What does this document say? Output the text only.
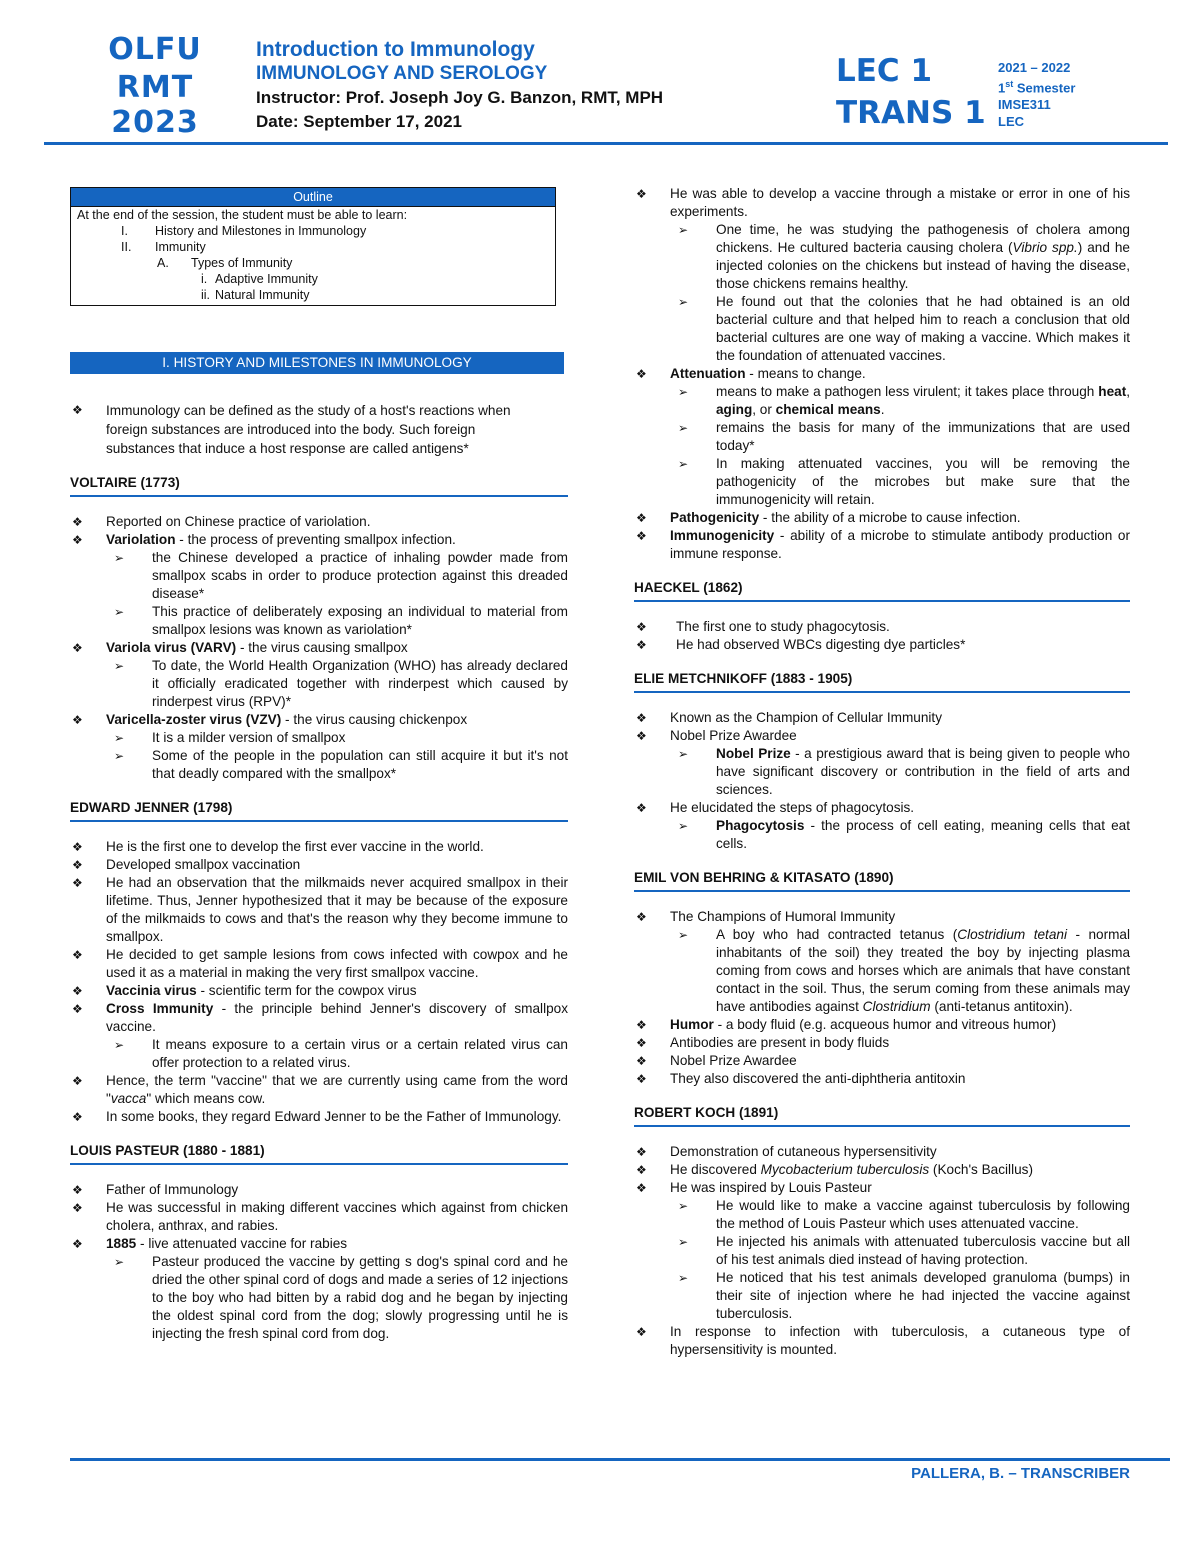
OLFU
RMT 2023
Introduction to Immunology
IMMUNOLOGY AND SEROLOGY
Instructor: Prof. Joseph Joy G. Banzon, RMT, MPH
Date: September 17, 2021
LEC 1
TRANS 1
2021 – 2022
1st Semester
IMSE311
LEC
Outline
At the end of the session, the student must be able to learn:
I. History and Milestones in Immunology
II. Immunity
A. Types of Immunity
i. Adaptive Immunity
ii. Natural Immunity
I. HISTORY AND MILESTONES IN IMMUNOLOGY

❖ Immunology can be defined as the study of a host's reactions when foreign substances are introduced into the body. Such foreign substances that induce a host response are called antigens*

VOLTAIRE (1773)

❖ Reported on Chinese practice of variolation.

❖ Variolation - the process of preventing smallpox infection.

➢ the Chinese developed a practice of inhaling powder made from smallpox scabs in order to produce protection against this dreaded disease*

➢ This practice of deliberately exposing an individual to material from smallpox lesions was known as variolation*

❖ Variola virus (VARV) - the virus causing smallpox

➢ To date, the World Health Organization (WHO) has already declared it officially eradicated together with rinderpest which caused by rinderpest virus (RPV)*

❖ Varicella-zoster virus (VZV) - the virus causing chickenpox

➢ It is a milder version of smallpox

➢ Some of the people in the population can still acquire it but it's not that deadly compared with the smallpox*

EDWARD JENNER (1798)

❖ He is the first one to develop the first ever vaccine in the world.

❖ Developed smallpox vaccination

❖ He had an observation that the milkmaids never acquired smallpox in their lifetime. Thus, Jenner hypothesized that it may be because of the exposure of the milkmaids to cows and that's the reason why they become immune to smallpox.

❖ He decided to get sample lesions from cows infected with cowpox and he used it as a material in making the very first smallpox vaccine.

❖ Vaccinia virus - scientific term for the cowpox virus

❖ Cross Immunity - the principle behind Jenner's discovery of smallpox vaccine.

➢ It means exposure to a certain virus or a certain related virus can offer protection to a related virus.

❖ Hence, the term "vaccine" that we are currently using came from the word "vacca" which means cow.

❖ In some books, they regard Edward Jenner to be the Father of Immunology.

LOUIS PASTEUR (1880 - 1881)

❖ Father of Immunology

❖ He was successful in making different vaccines which against from chicken cholera, anthrax, and rabies.

❖ 1885 - live attenuated vaccine for rabies

➢ Pasteur produced the vaccine by getting s dog's spinal cord and he dried the other spinal cord of dogs and made a series of 12 injections to the boy who had bitten by a rabid dog and he began by injecting the oldest spinal cord from the dog; slowly progressing until he is injecting the fresh spinal cord from dog.

❖ He was able to develop a vaccine through a mistake or error in one of his experiments.

➢ One time, he was studying the pathogenesis of cholera among chickens. He cultured bacteria causing cholera (Vibrio spp.) and he injected colonies on the chickens but instead of having the disease, those chickens remains healthy.

➢ He found out that the colonies that he had obtained is an old bacterial culture and that helped him to reach a conclusion that old bacterial cultures are one way of making a vaccine. Which makes it the foundation of attenuated vaccines.

❖ Attenuation - means to change.

➢ means to make a pathogen less virulent; it takes place through heat, aging, or chemical means.

➢ remains the basis for many of the immunizations that are used today*

➢ In making attenuated vaccines, you will be removing the pathogenicity of the microbes but make sure that the immunogenicity will retain.

❖ Pathogenicity - the ability of a microbe to cause infection.

❖ Immunogenicity - ability of a microbe to stimulate antibody production or immune response.

HAECKEL (1862)

❖ The first one to study phagocytosis.

❖ He had observed WBCs digesting dye particles*

ELIE METCHNIKOFF (1883 - 1905)

❖ Known as the Champion of Cellular Immunity

❖ Nobel Prize Awardee

➢ Nobel Prize - a prestigious award that is being given to people who have significant discovery or contribution in the field of arts and sciences.

❖ He elucidated the steps of phagocytosis.

➢ Phagocytosis - the process of cell eating, meaning cells that eat cells.

EMIL VON BEHRING & KITASATO (1890)

❖ The Champions of Humoral Immunity

➢ A boy who had contracted tetanus (Clostridium tetani - normal inhabitants of the soil) they treated the boy by injecting plasma coming from cows and horses which are animals that have constant contact in the soil. Thus, the serum coming from these animals may have antibodies against Clostridium (anti-tetanus antitoxin).

❖ Humor - a body fluid (e.g. acqueous humor and vitreous humor)

❖ Antibodies are present in body fluids

❖ Nobel Prize Awardee

❖ They also discovered the anti-diphtheria antitoxin

ROBERT KOCH (1891)

❖ Demonstration of cutaneous hypersensitivity

❖ He discovered Mycobacterium tuberculosis (Koch's Bacillus)

❖ He was inspired by Louis Pasteur

➢ He would like to make a vaccine against tuberculosis by following the method of Louis Pasteur which uses attenuated vaccine.

➢ He injected his animals with attenuated tuberculosis vaccine but all of his test animals died instead of having protection.

➢ He noticed that his test animals developed granuloma (bumps) in their site of injection where he had injected the vaccine against tuberculosis.

❖ In response to infection with tuberculosis, a cutaneous type of hypersensitivity is mounted.

PALLERA, B. – TRANSCRIBER
